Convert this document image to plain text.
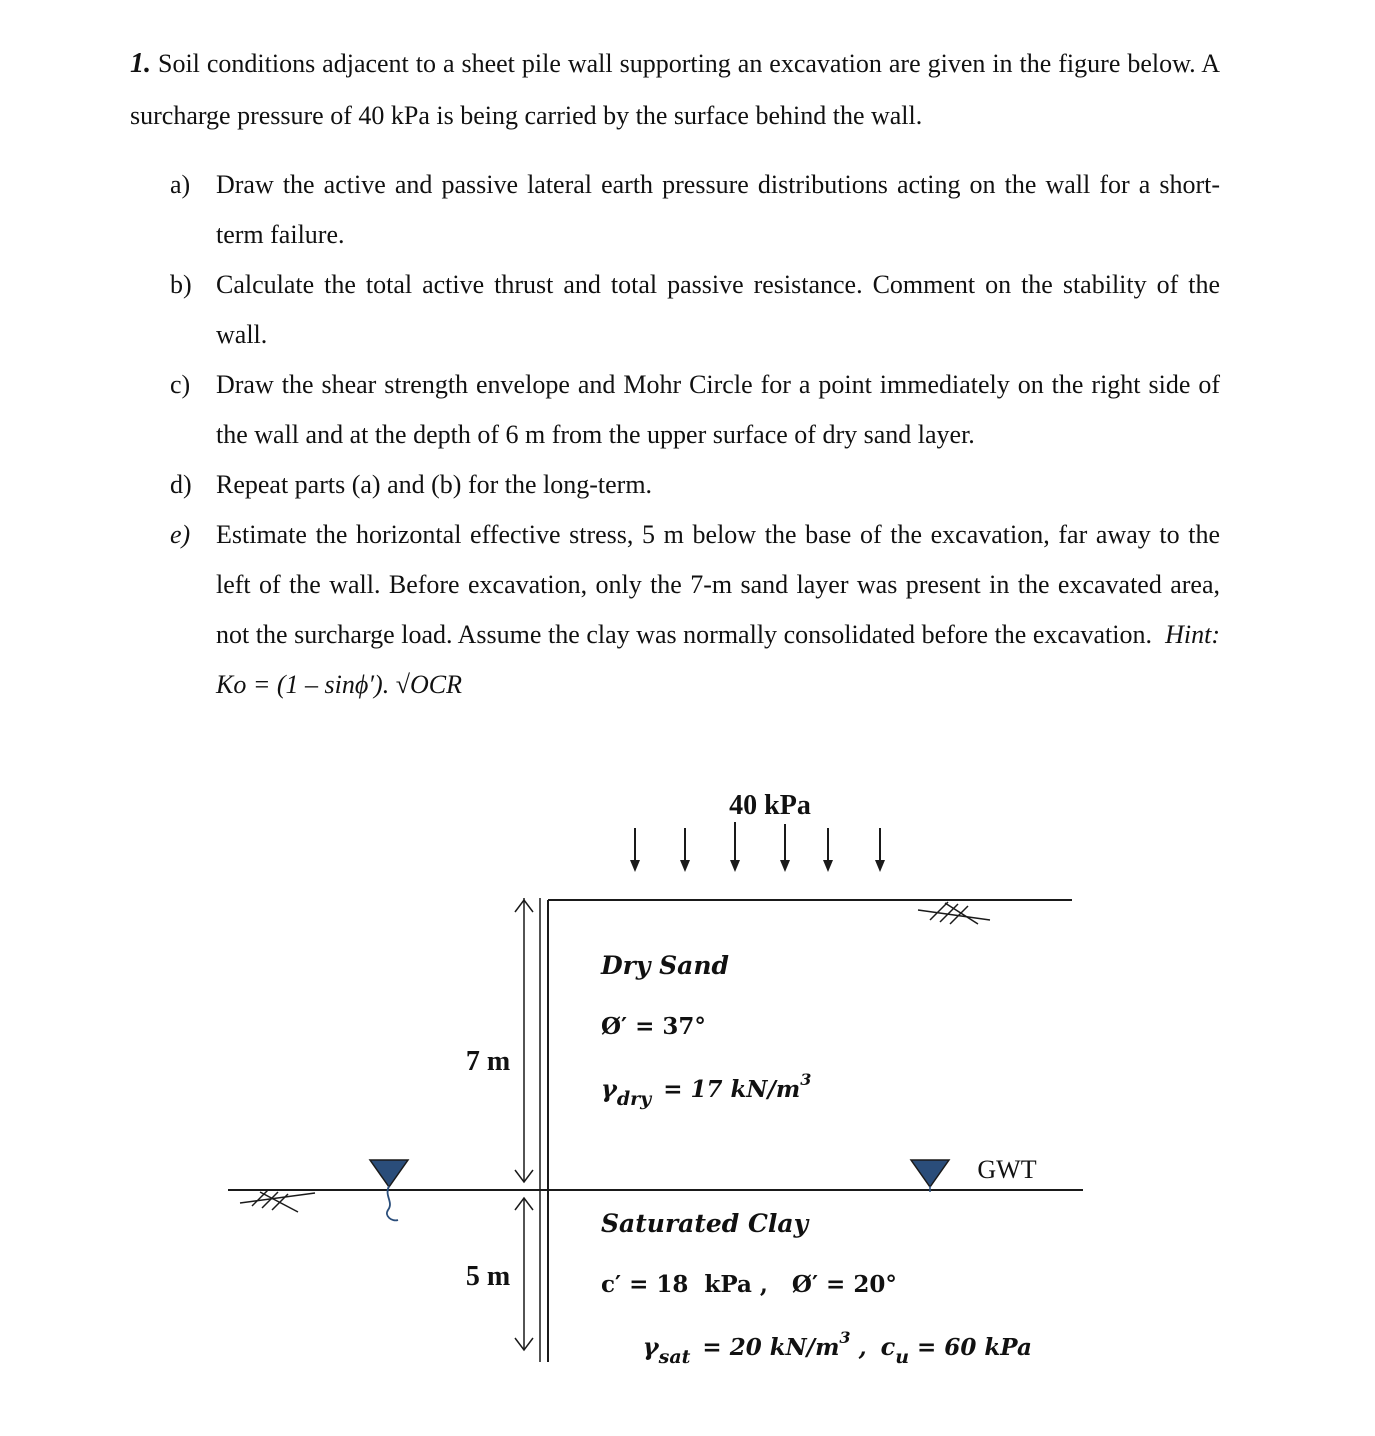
1. Soil conditions adjacent to a sheet pile wall supporting an excavation are given in the figure below. A surcharge pressure of 40 kPa is being carried by the surface behind the wall.

a) Draw the active and passive lateral earth pressure distributions acting on the wall for a short-term failure.
b) Calculate the total active thrust and total passive resistance. Comment on the stability of the wall.
c) Draw the shear strength envelope and Mohr Circle for a point immediately on the right side of the wall and at the depth of 6 m from the upper surface of dry sand layer.
d) Repeat parts (a) and (b) for the long-term.
e) Estimate the horizontal effective stress, 5 m below the base of the excavation, far away to the left of the wall. Before excavation, only the 7-m sand layer was present in the excavated area, not the surcharge load. Assume the clay was normally consolidated before the excavation. Hint: Ko = (1 – sinϕ′). √OCR
40 kPa
7 m
5 m
GWT
Dry Sand
Ø′ = 37°
$\gamma_{dry} = 17$ $kN/m^3$
Saturated Clay
c′ = 18  kPa ,   Ø′ = 20°
$\gamma_{sat} = 20$ $kN/m^3$ , $c_u = 60$ kPa
